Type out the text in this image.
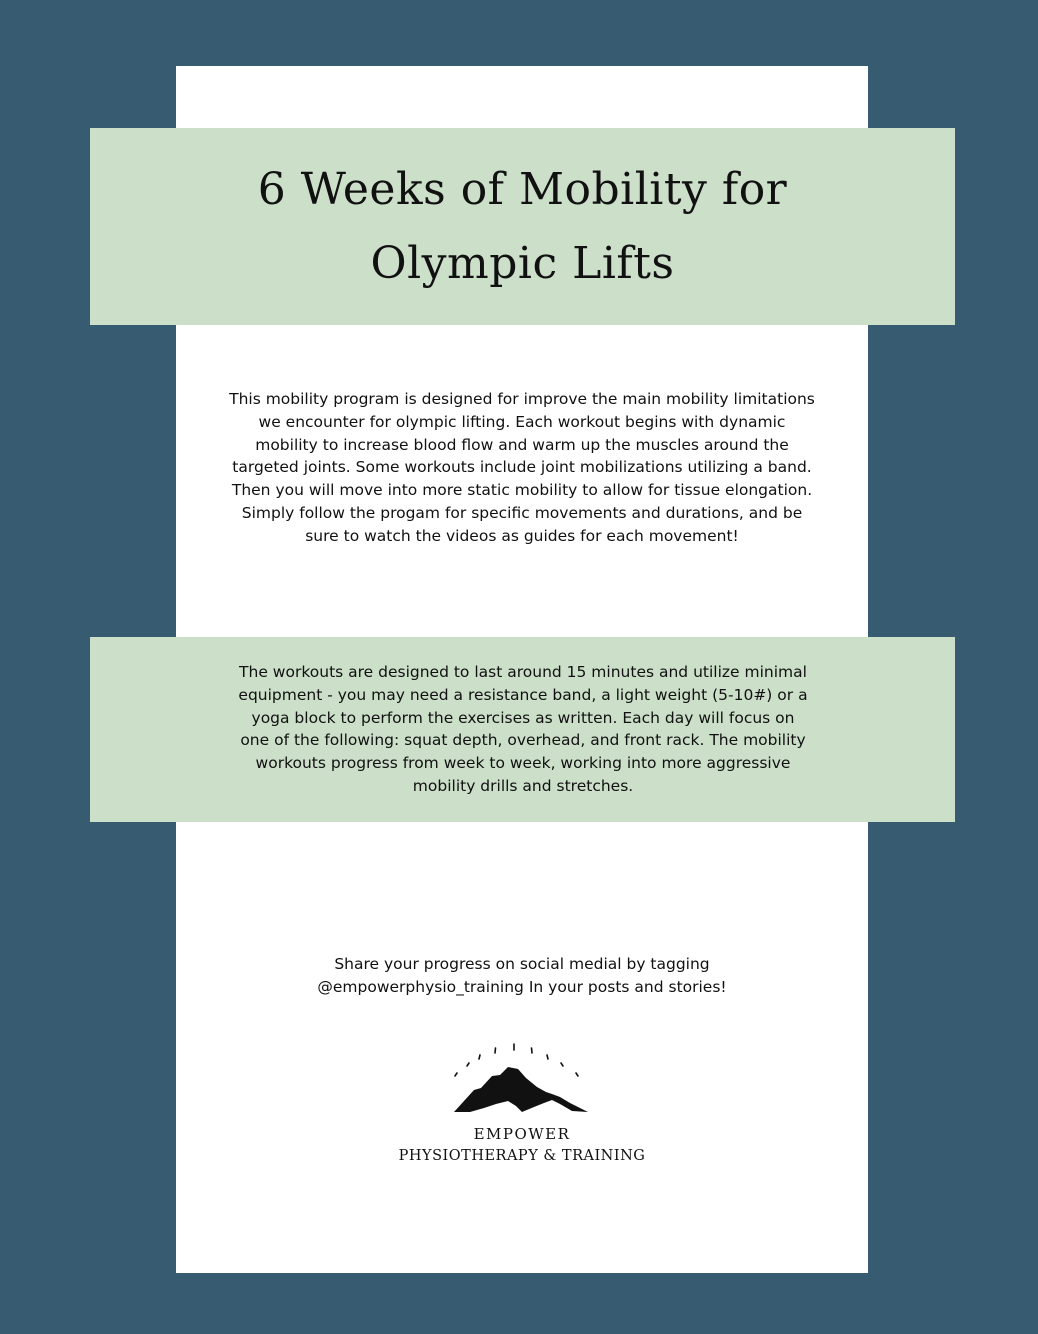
6 Weeks of Mobility for Olympic Lifts

This mobility program is designed for improve the main mobility limitations we encounter for olympic lifting. Each workout begins with dynamic mobility to increase blood flow and warm up the muscles around the targeted joints. Some workouts include joint mobilizations utilizing a band. Then you will move into more static mobility to allow for tissue elongation. Simply follow the progam for specific movements and durations, and be sure to watch the videos as guides for each movement!

The workouts are designed to last around 15 minutes and utilize minimal equipment - you may need a resistance band, a light weight (5-10#) or a yoga block to perform the exercises as written. Each day will focus on one of the following: squat depth, overhead, and front rack. The mobility workouts progress from week to week, working into more aggressive mobility drills and stretches.

Share your progress on social medial by tagging @empowerphysio_training In your posts and stories!

EMPOWER

PHYSIOTHERAPY & TRAINING
